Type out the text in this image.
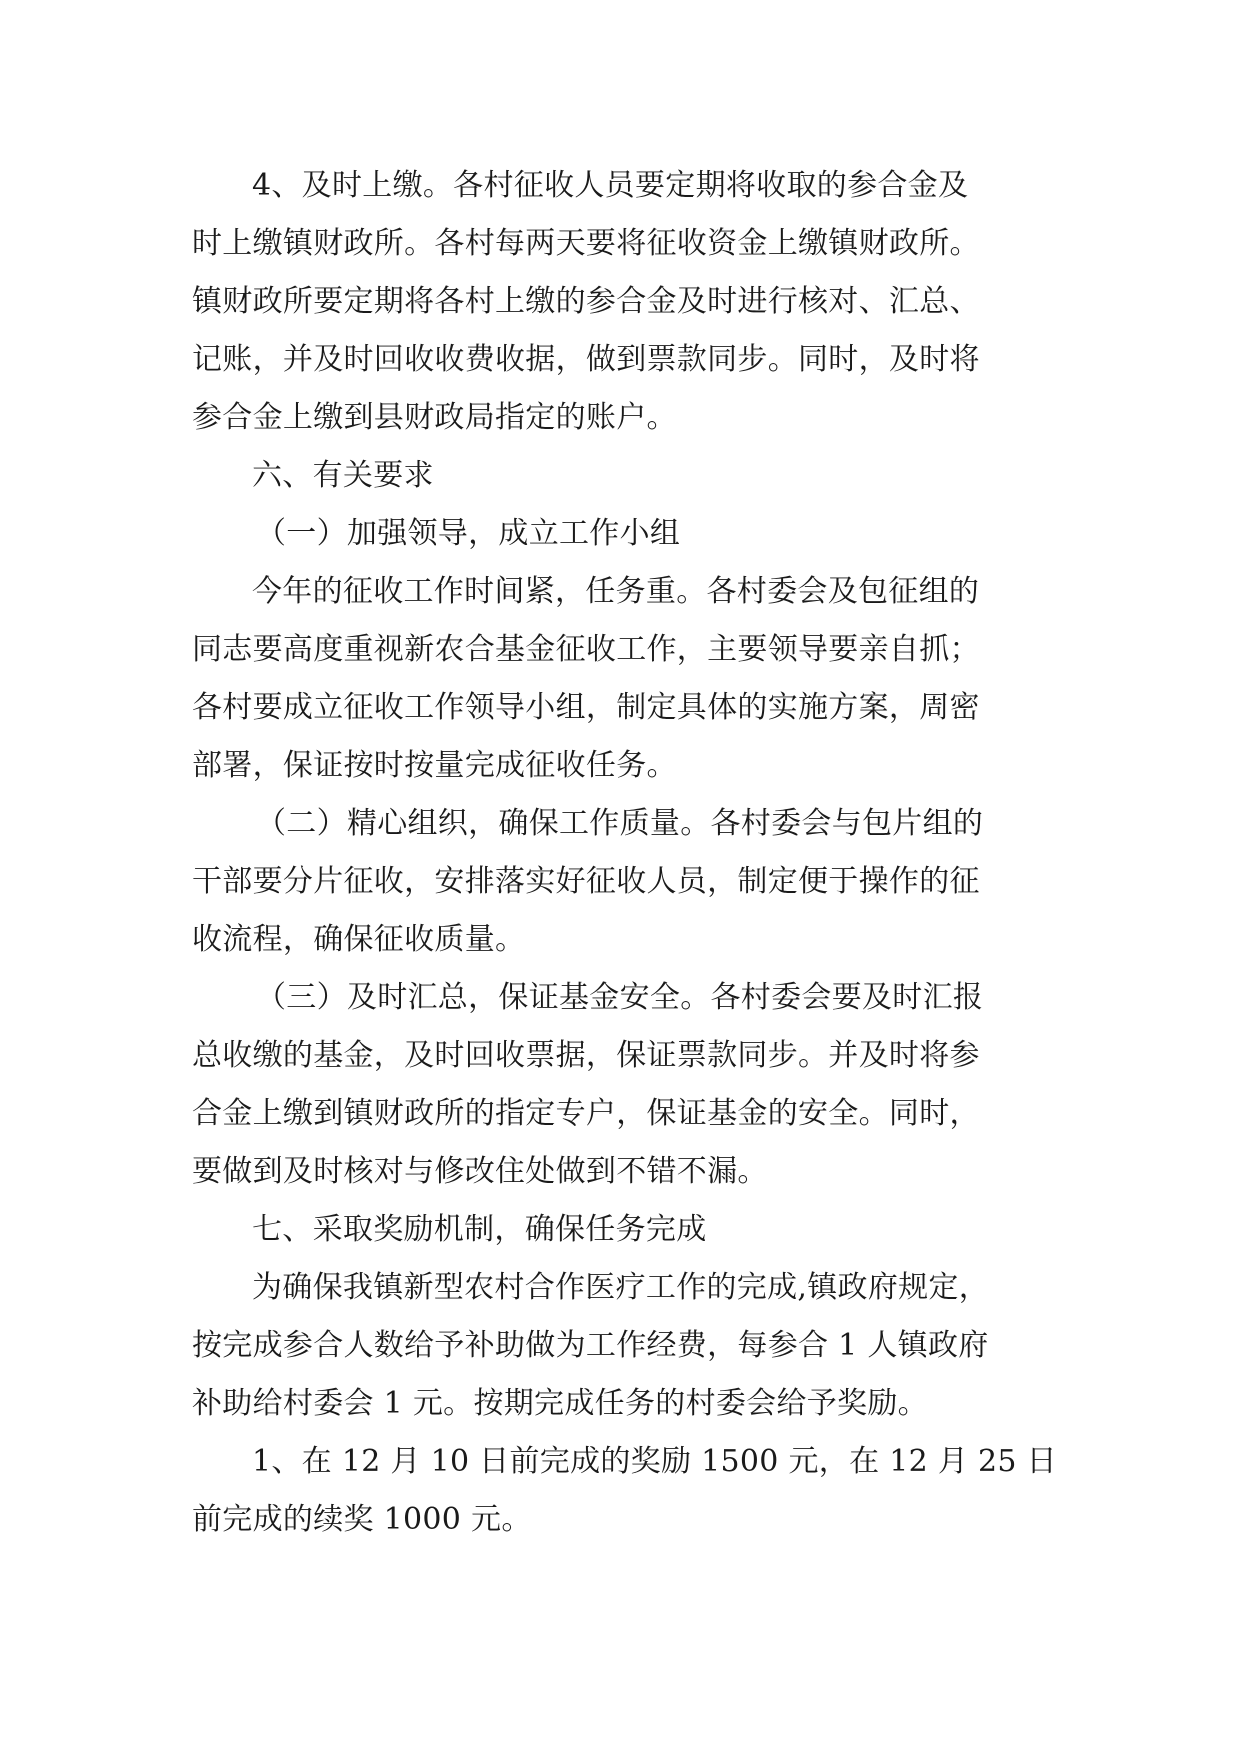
4、及时上缴。各村征收人员要定期将收取的参合金及
时上缴镇财政所。各村每两天要将征收资金上缴镇财政所。
镇财政所要定期将各村上缴的参合金及时进行核对、汇总、
记账，并及时回收收费收据，做到票款同步。同时，及时将
参合金上缴到县财政局指定的账户。
六、有关要求
（一）加强领导，成立工作小组
今年的征收工作时间紧，任务重。各村委会及包征组的
同志要高度重视新农合基金征收工作，主要领导要亲自抓；
各村要成立征收工作领导小组，制定具体的实施方案，周密
部署，保证按时按量完成征收任务。
（二）精心组织，确保工作质量。各村委会与包片组的
干部要分片征收，安排落实好征收人员，制定便于操作的征
收流程，确保征收质量。
（三）及时汇总，保证基金安全。各村委会要及时汇报
总收缴的基金，及时回收票据，保证票款同步。并及时将参
合金上缴到镇财政所的指定专户，保证基金的安全。同时，
要做到及时核对与修改住处做到不错不漏。
七、采取奖励机制，确保任务完成
为确保我镇新型农村合作医疗工作的完成,镇政府规定，
按完成参合人数给予补助做为工作经费，每参合 1 人镇政府
补助给村委会 1 元。按期完成任务的村委会给予奖励。
1、在 12 月 10 日前完成的奖励 1500 元，在 12 月 25 日
前完成的续奖 1000 元。
